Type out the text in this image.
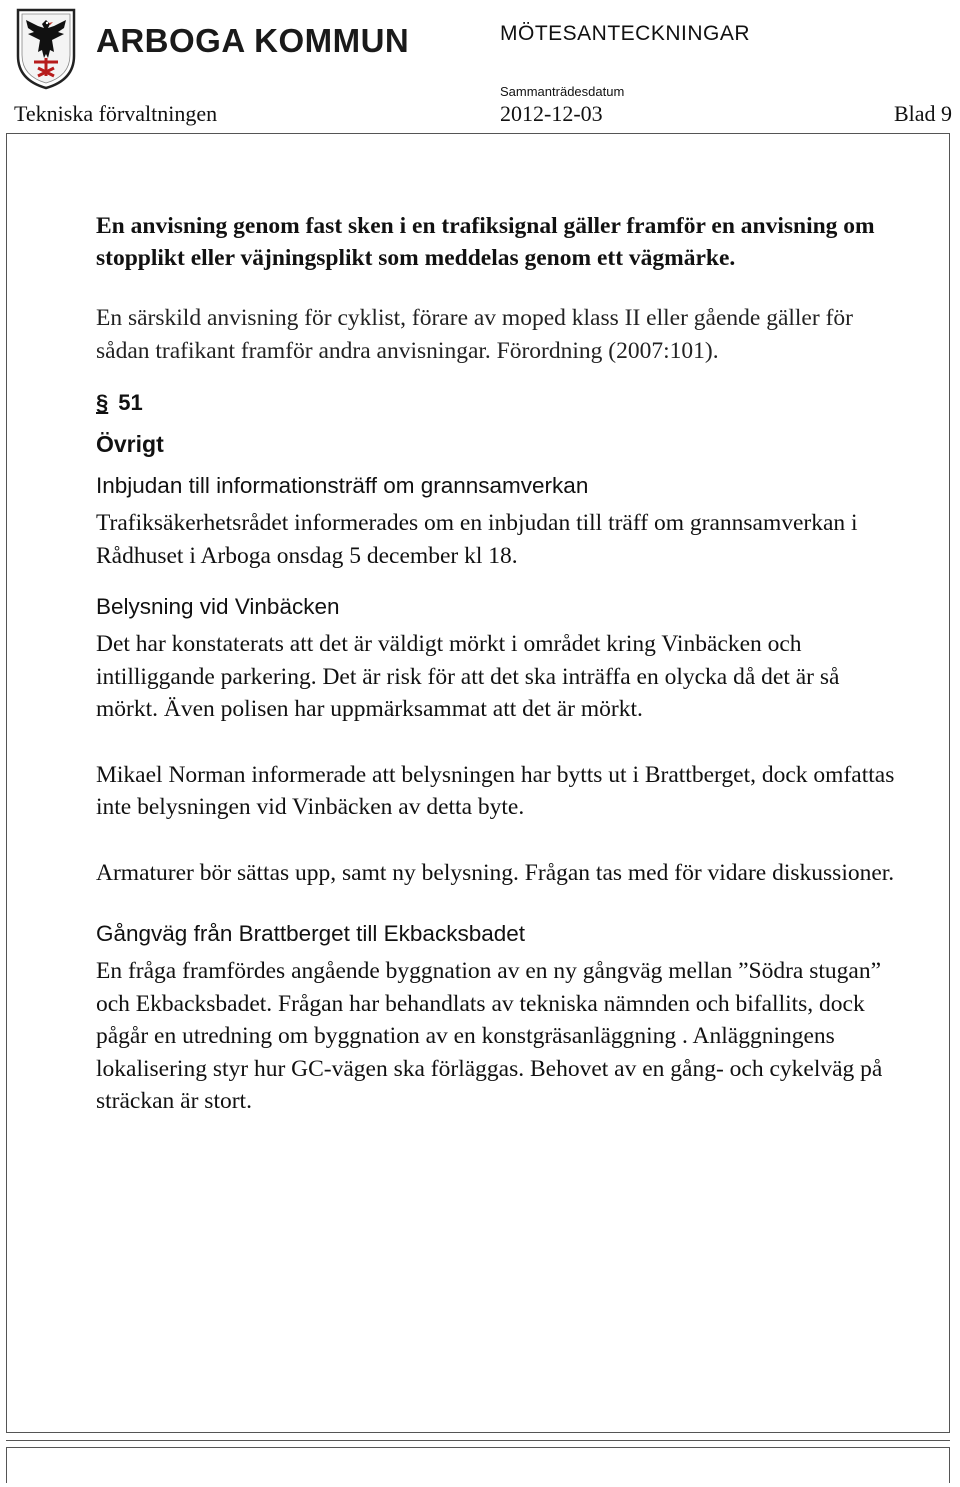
ARBOGA KOMMUN	MÖTESANTECKNINGAR
Sammanträdesdatum
Tekniska förvaltningen	2012-12-03	Blad 9

En anvisning genom fast sken i en trafiksignal gäller framför en anvisning om stopplikt eller väjningsplikt som meddelas genom ett vägmärke.

En särskild anvisning för cyklist, förare av moped klass II eller gående gäller för sådan trafikant framför andra anvisningar. Förordning (2007:101).

§ 51

Övrigt

Inbjudan till informationsträff om grannsamverkan

Trafiksäkerhetsrådet informerades om en inbjudan till träff om grannsamverkan i Rådhuset i Arboga onsdag 5 december kl 18.

Belysning vid Vinbäcken

Det har konstaterats att det är väldigt mörkt i området kring Vinbäcken och intilliggande parkering. Det är risk för att det ska inträffa en olycka då det är så mörkt. Även polisen har uppmärksammat att det är mörkt.

Mikael Norman informerade att belysningen har bytts ut i Brattberget, dock omfattas inte belysningen vid Vinbäcken av detta byte.

Armaturer bör sättas upp, samt ny belysning. Frågan tas med för vidare diskussioner.

Gångväg från Brattberget till Ekbacksbadet

En fråga framfördes angående byggnation av en ny gångväg mellan ”Södra stugan” och Ekbacksbadet. Frågan har behandlats av tekniska nämnden och bifallits, dock pågår en utredning om byggnation av en konstgräsanläggning . Anläggningens lokalisering styr hur GC-vägen ska förläggas. Behovet av en gång- och cykelväg på sträckan är stort.
